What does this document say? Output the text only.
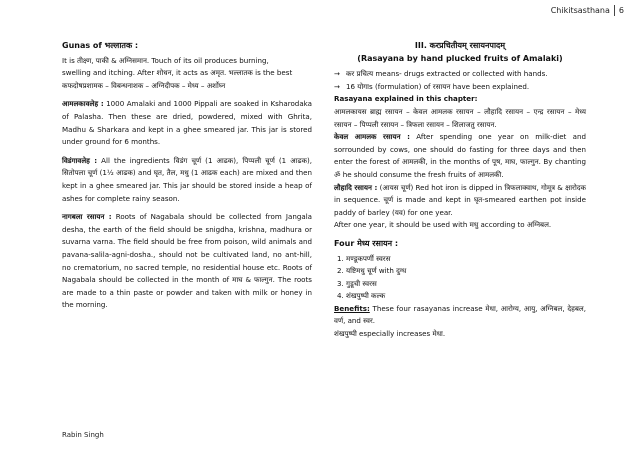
Chikitsasthana 6

Gunas of भल्लातक :

It is तीक्ष्ण, पाकी & अग्निसमान. Touch of its oil produces burning,

swelling and itching. After शोधन, it acts as अमृत. भल्लातक is the best

कफदोषप्रशामक – विबन्धनाशक – अग्निदीपक – मेध्य – अर्शोघ्न

आमलकावलेह : 1000 Amalaki and 1000 Pippali are soaked in Ksharodaka of Palasha. Then these are dried, powdered, mixed with Ghrita, Madhu & Sharkara and kept in a ghee smeared jar. This jar is stored under ground for 6 months.

विडंगावलेह : All the ingredients विडंग चूर्ण (1 आढक), पिप्पली चूर्ण (1 आढक), सितोपला चूर्ण (1½ आढक) and घृत, तैल, मधु (1 आढक each) are mixed and then kept in a ghee smeared jar. This jar should be stored inside a heap of ashes for complete rainy season.

नागबला रसायन : Roots of Nagabala should be collected from Jangala desha, the earth of the field should be snigdha, krishna, madhura or suvarna varna. The field should be free from poison, wild animals and pavana-salila-agni-dosha., should not be cultivated land, no ant-hill, no crematorium, no sacred temple, no residential house etc. Roots of Nagabala should be collected in the month of माघ & फाल्गुन. The roots are made to a thin paste or powder and taken with milk or honey in the morning.

III. करप्रचितीयम् रसायनपादम्

(Rasayana by hand plucked fruits of Amalaki)

→ कर प्रचित्य means- drugs extracted or collected with hands.
→ 16 योगाs (formulation) of रसायन have been explained.

Rasayana explained in this chapter:

आमलकायस ब्राह्म रसायन – केवल आमलक रसायन – लौहादि रसायन – एन्द्र रसायन – मेध्य रसायन – पिप्पली रसायन – त्रिफला रसायन – शिलाजतु रसायन.

केवल आमलक रसायन : After spending one year on milk-diet and sorrounded by cows, one should do fasting for three days and then enter the forest of आमलकी, in the months of पूष, माघ, फाल्गुन. By chanting ॐ he should consume the fresh fruits of आमलकी.

लौहादि रसायन : (आयस चूर्ण) Red hot iron is dipped in त्रिफलाक्वाथ, गोमूत्र & क्षारोदक in sequence. चूर्ण is made and kept in घृत-smeared earthen pot inside paddy of barley (यव) for one year.

After one year, it should be used with मधु according to अग्निबल.

Four मेध्य रसायन :

1. मण्डूकपर्णी स्वरस
2. यष्टिमधु चूर्ण with दुग्ध
3. गुडूची स्वरस
4. शंखपुष्पी कल्क

Benefits: These four rasayanas increase मेधा, आरोग्य, आयु, अग्निबल, देहबल, वर्ण, and स्वर.

शंखपुष्पी especially increases मेधा.

Rabin Singh
